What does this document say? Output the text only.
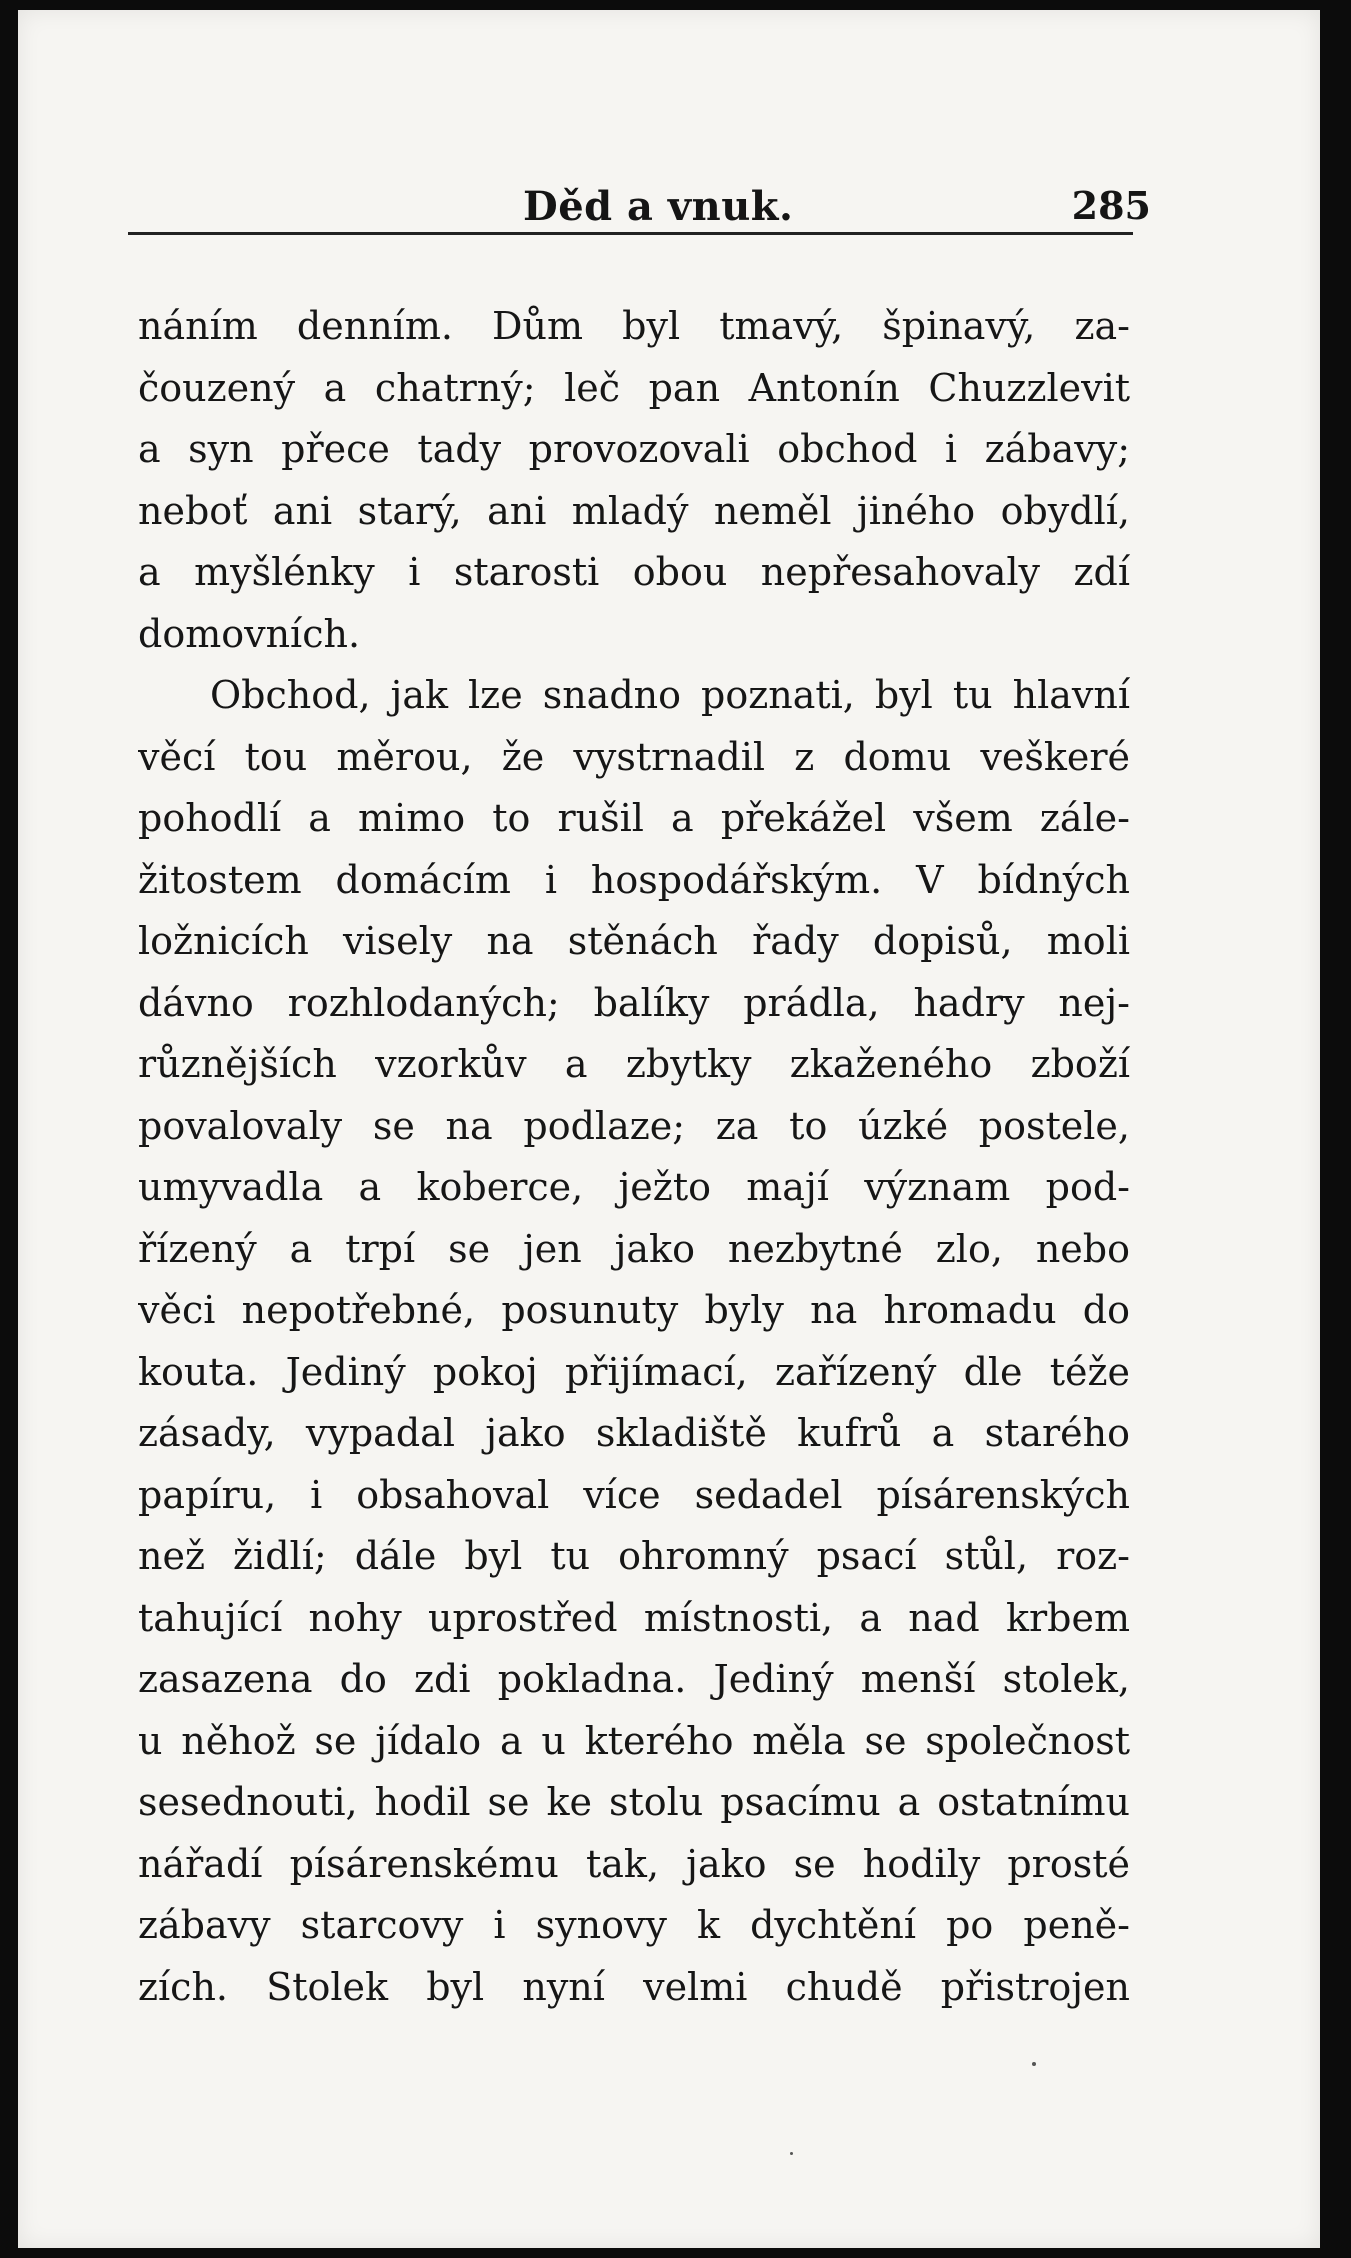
Děd a vnuk.	285
náním denním. Dům byl tmavý, špinavý, za-
čouzený a chatrný; leč pan Antonín Chuzzlevit
a syn přece tady provozovali obchod i zábavy;
neboť ani starý, ani mladý neměl jiného obydlí,
a myšlénky i starosti obou nepřesahovaly zdí
domovních.
Obchod, jak lze snadno poznati, byl tu hlavní
věcí tou měrou, že vystrnadil z domu veškeré
pohodlí a mimo to rušil a překážel všem zále-
žitostem domácím i hospodářským. V bídných
ložnicích visely na stěnách řady dopisů, moli
dávno rozhlodaných; balíky prádla, hadry nej-
různějších vzorkův a zbytky zkaženého zboží
povalovaly se na podlaze; za to úzké postele,
umyvadla a koberce, ježto mají význam pod-
řízený a trpí se jen jako nezbytné zlo, nebo
věci nepotřebné, posunuty byly na hromadu do
kouta. Jediný pokoj přijímací, zařízený dle téže
zásady, vypadal jako skladiště kufrů a starého
papíru, i obsahoval více sedadel písárenských
než židlí; dále byl tu ohromný psací stůl, roz-
tahující nohy uprostřed místnosti, a nad krbem
zasazena do zdi pokladna. Jediný menší stolek,
u něhož se jídalo a u kterého měla se společnost
sesednouti, hodil se ke stolu psacímu a ostatnímu
nářadí písárenskému tak, jako se hodily prosté
zábavy starcovy i synovy k dychtění po peně-
zích. Stolek byl nyní velmi chudě přistrojen
